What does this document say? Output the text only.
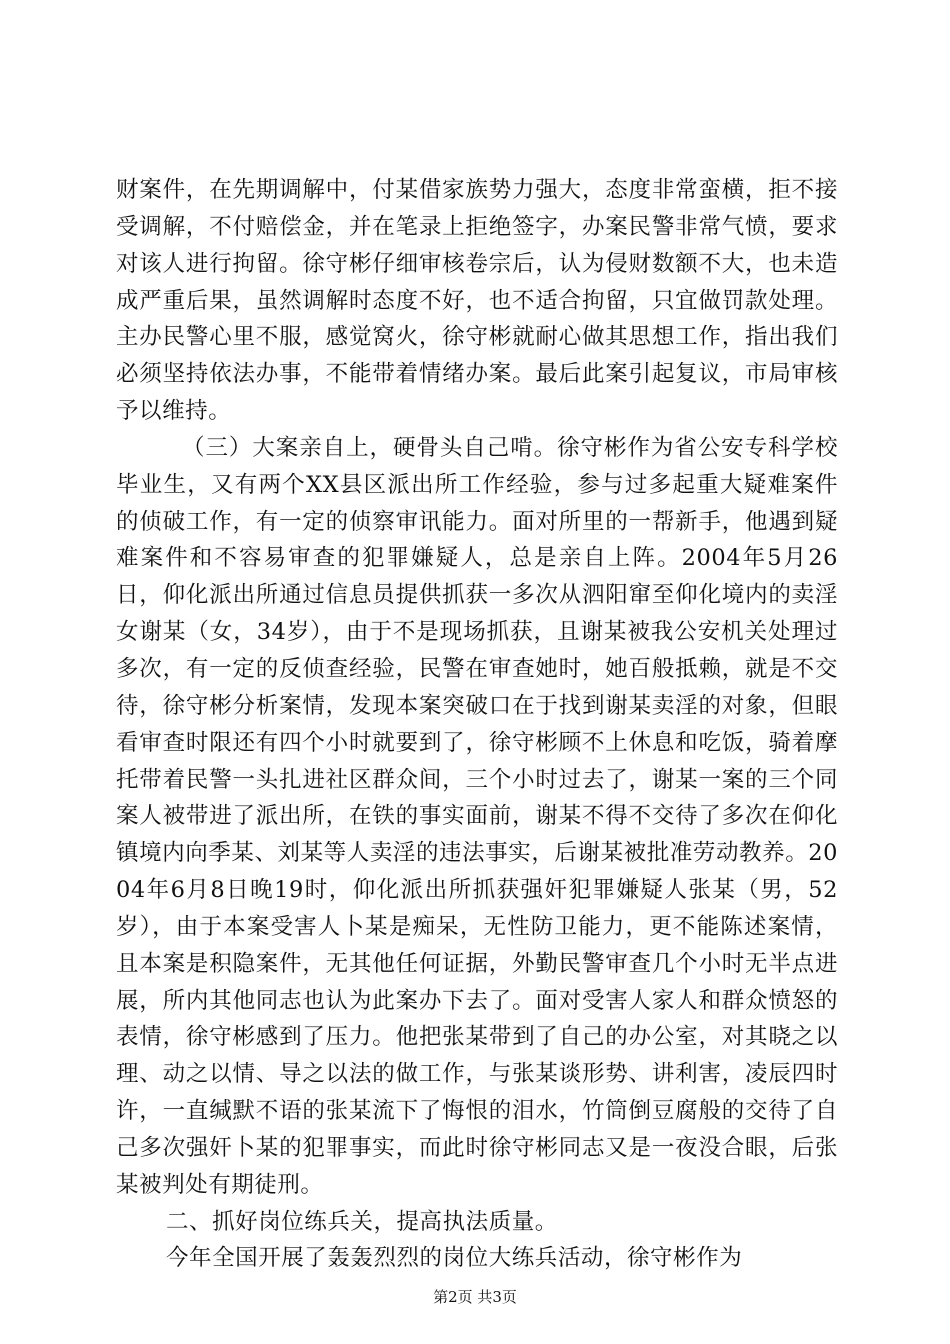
财案件，在先期调解中，付某借家族势力强大，态度非常蛮横，拒不接受调解，不付赔偿金，并在笔录上拒绝签字，办案民警非常气愤，要求对该人进行拘留。徐守彬仔细审核卷宗后，认为侵财数额不大，也未造成严重后果，虽然调解时态度不好，也不适合拘留，只宜做罚款处理。主办民警心里不服，感觉窝火，徐守彬就耐心做其思想工作，指出我们必须坚持依法办事，不能带着情绪办案。最后此案引起复议，市局审核予以维持。

（三）大案亲自上，硬骨头自己啃。徐守彬作为省公安专科学校毕业生，又有两个XX县区派出所工作经验，参与过多起重大疑难案件的侦破工作，有一定的侦察审讯能力。面对所里的一帮新手，他遇到疑难案件和不容易审查的犯罪嫌疑人，总是亲自上阵。2004年5月26日，仰化派出所通过信息员提供抓获一多次从泗阳窜至仰化境内的卖淫女谢某（女，34岁），由于不是现场抓获，且谢某被我公安机关处理过多次，有一定的反侦查经验，民警在审查她时，她百般抵赖，就是不交待，徐守彬分析案情，发现本案突破口在于找到谢某卖淫的对象，但眼看审查时限还有四个小时就要到了，徐守彬顾不上休息和吃饭，骑着摩托带着民警一头扎进社区群众间，三个小时过去了，谢某一案的三个同案人被带进了派出所，在铁的事实面前，谢某不得不交待了多次在仰化镇境内向季某、刘某等人卖淫的违法事实，后谢某被批准劳动教养。2004年6月8日晚19时，仰化派出所抓获强奸犯罪嫌疑人张某（男，52岁），由于本案受害人卜某是痴呆，无性防卫能力，更不能陈述案情，且本案是积隐案件，无其他任何证据，外勤民警审查几个小时无半点进展，所内其他同志也认为此案办下去了。面对受害人家人和群众愤怒的表情，徐守彬感到了压力。他把张某带到了自己的办公室，对其晓之以理、动之以情、导之以法的做工作，与张某谈形势、讲利害，凌辰四时许，一直缄默不语的张某流下了悔恨的泪水，竹筒倒豆腐般的交待了自己多次强奸卜某的犯罪事实，而此时徐守彬同志又是一夜没合眼，后张某被判处有期徒刑。

二、抓好岗位练兵关，提高执法质量。

今年全国开展了轰轰烈烈的岗位大练兵活动，徐守彬作为

第2页 共3页
